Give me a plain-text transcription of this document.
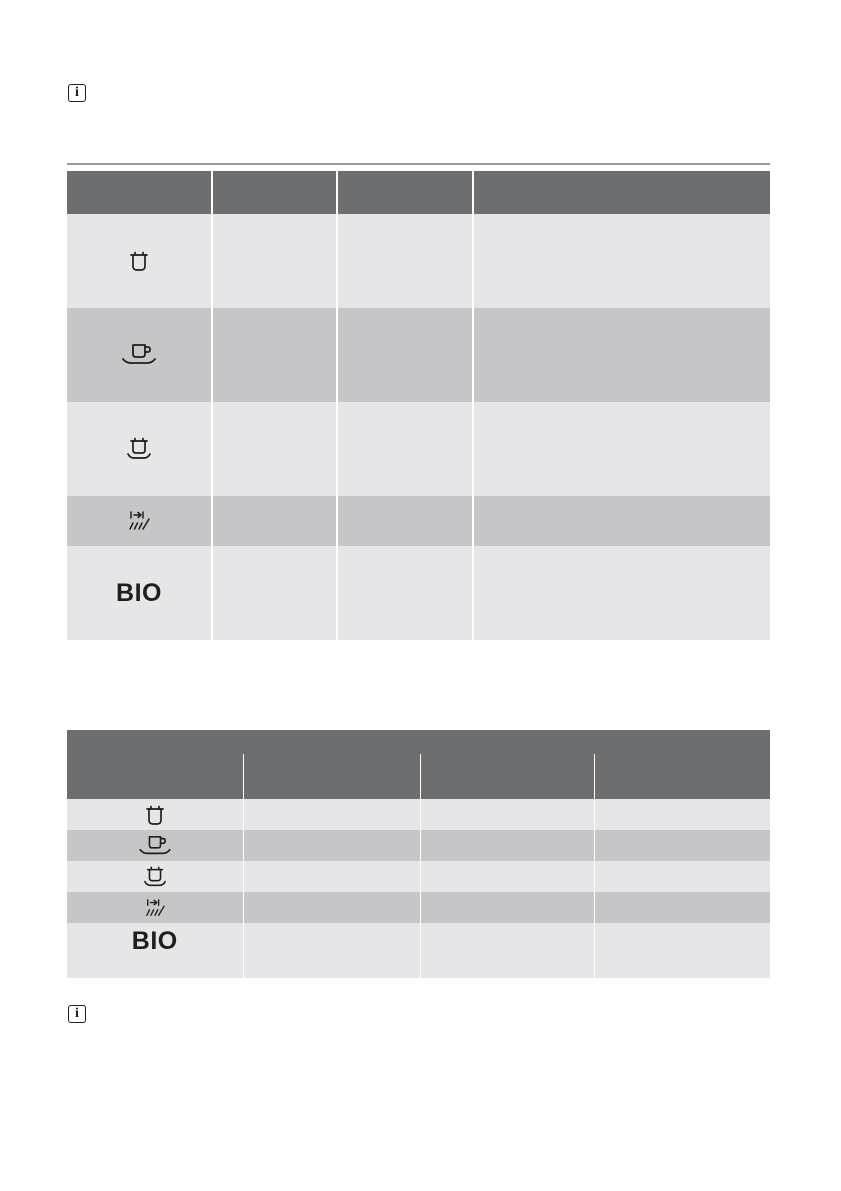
i

BIO			

BIO			
i
